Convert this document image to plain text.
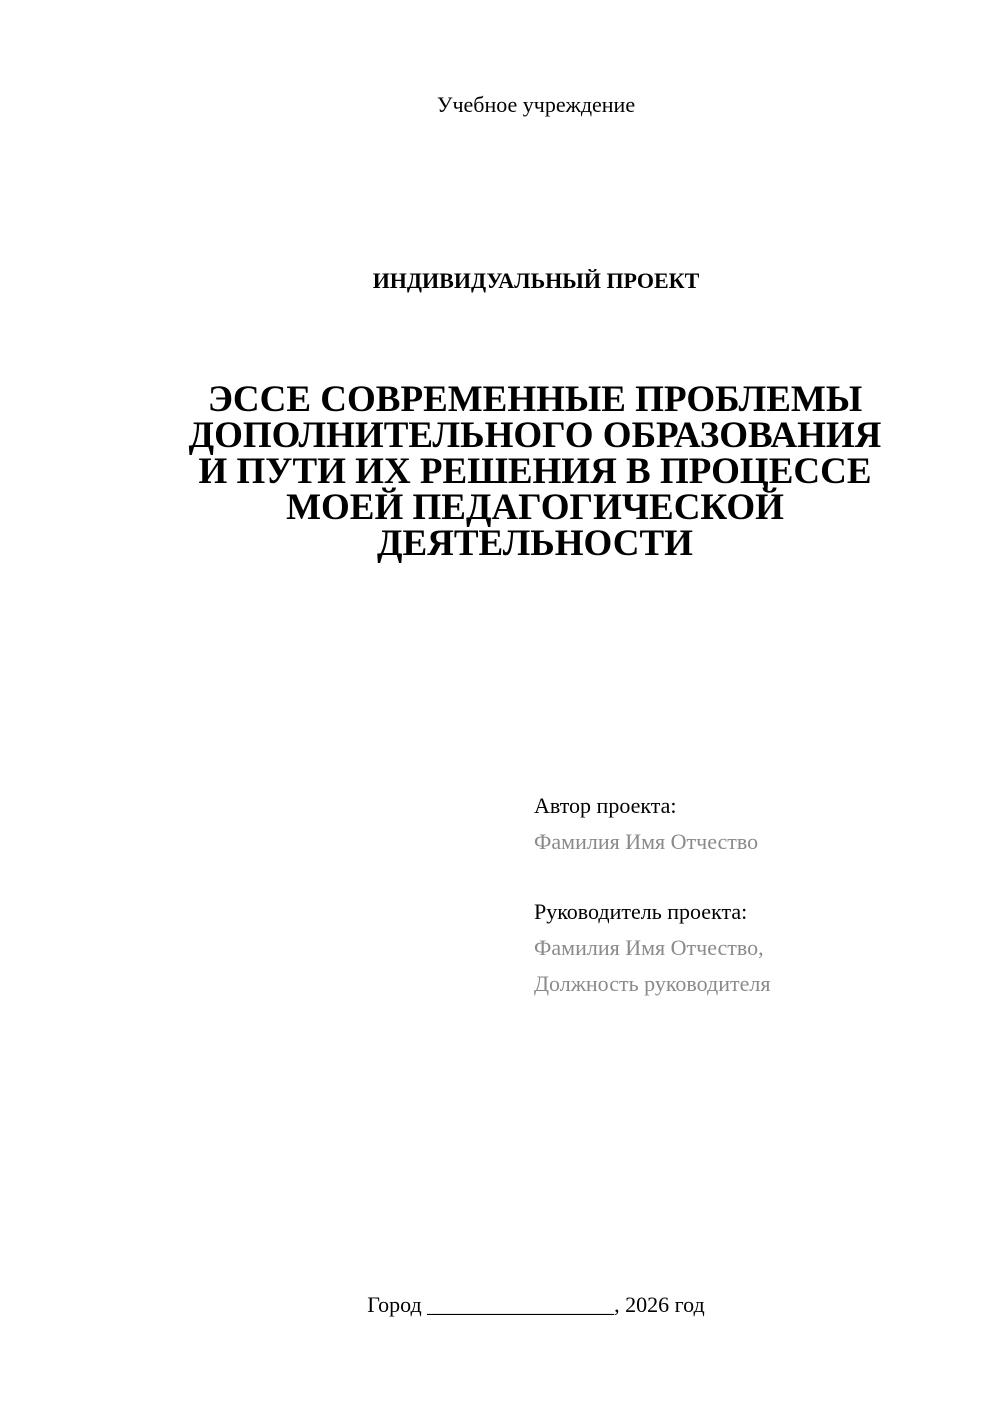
Учебное учреждение
ИНДИВИДУАЛЬНЫЙ ПРОЕКТ
ЭССЕ СОВРЕМЕННЫЕ ПРОБЛЕМЫ
ДОПОЛНИТЕЛЬНОГО ОБРАЗОВАНИЯ
И ПУТИ ИХ РЕШЕНИЯ В ПРОЦЕССЕ
МОЕЙ ПЕДАГОГИЧЕСКОЙ
ДЕЯТЕЛЬНОСТИ
Автор проекта:
Фамилия Имя Отчество
Руководитель проекта:
Фамилия Имя Отчество,
Должность руководителя
Город _________________, 2026 год
